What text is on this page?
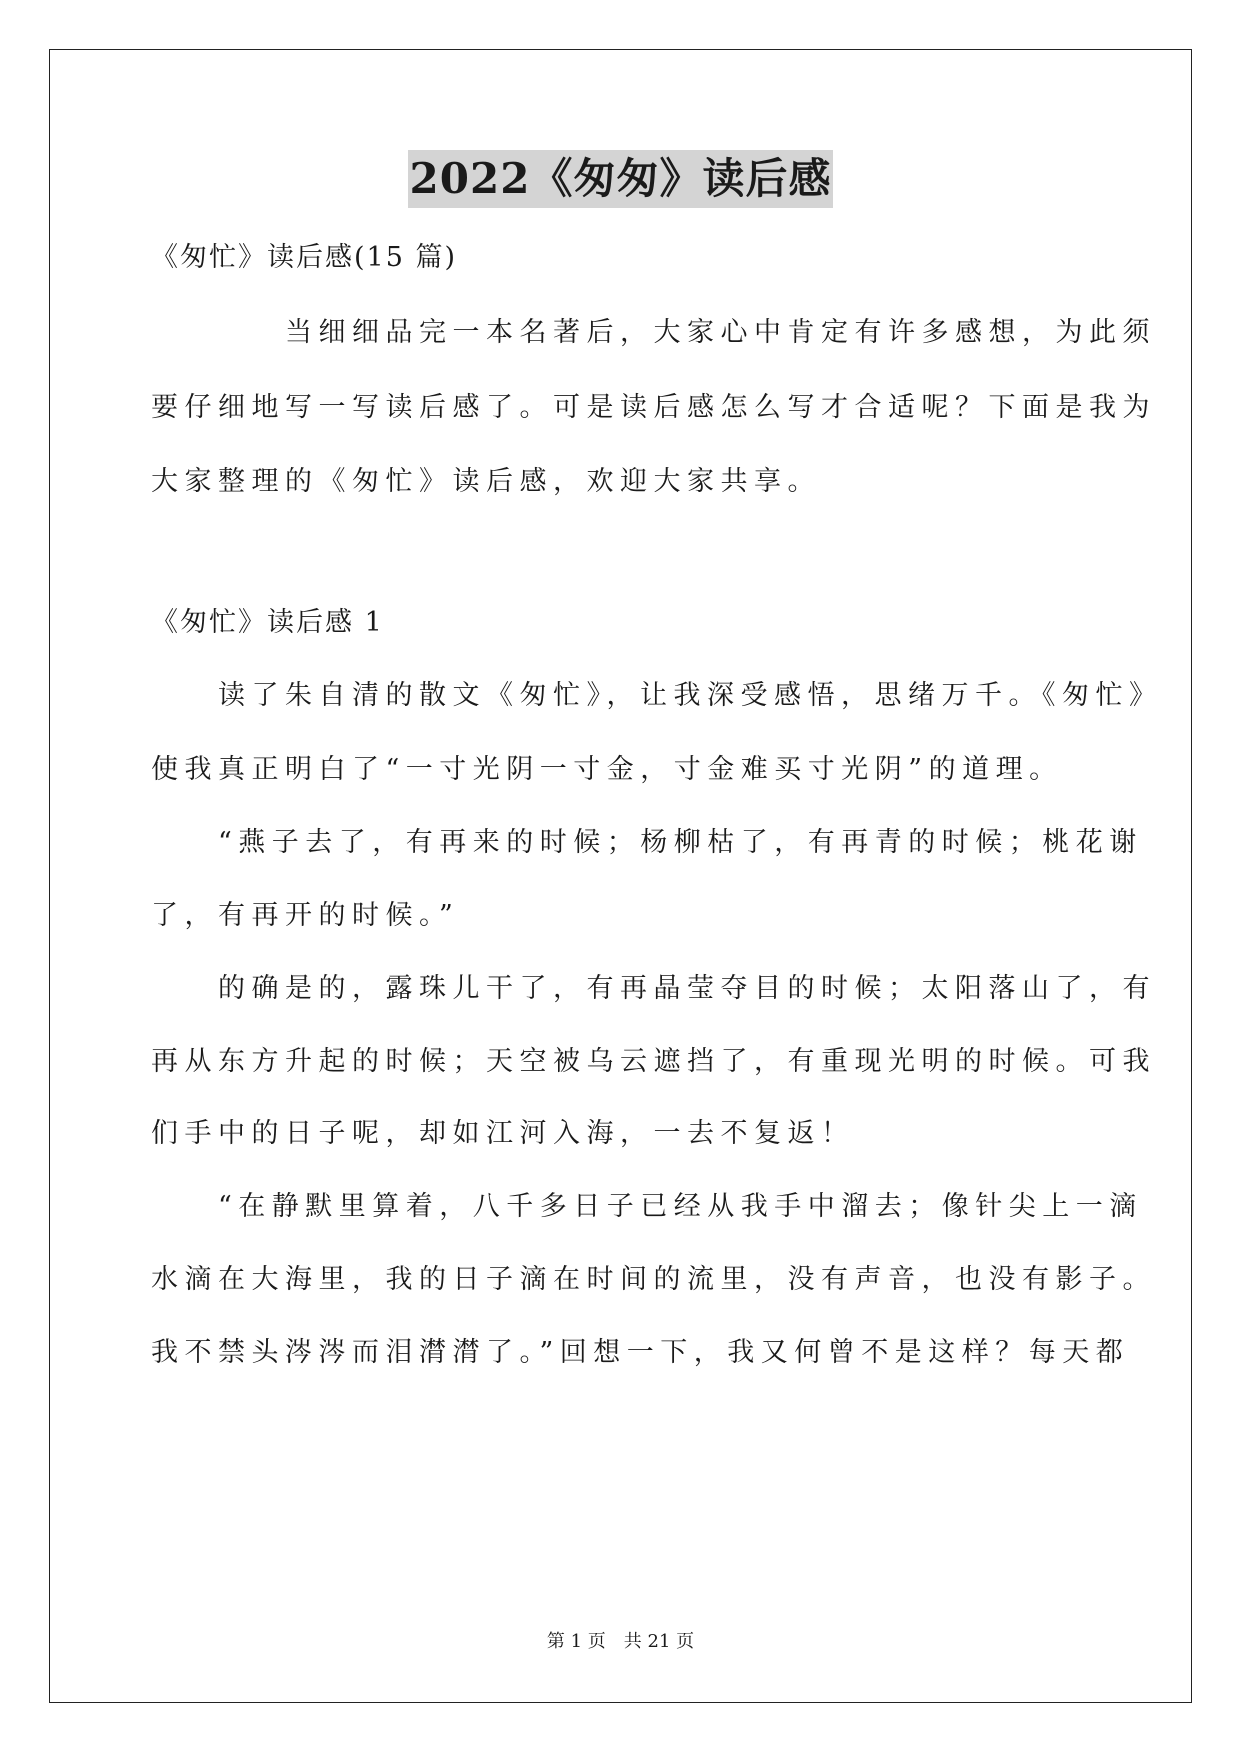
2022《匆匆》读后感

《匆忙》读后感(15 篇)

　　　　当细细品完一本名著后，大家心中肯定有许多感想，为此须

要仔细地写一写读后感了。可是读后感怎么写才合适呢？下面是我为

大家整理的《匆忙》读后感，欢迎大家共享。

《匆忙》读后感 1

　　读了朱自清的散文《匆忙》，让我深受感悟，思绪万千。《匆忙》

使我真正明白了“一寸光阴一寸金，寸金难买寸光阴”的道理。

　　“燕子去了，有再来的时候；杨柳枯了，有再青的时候；桃花谢

了，有再开的时候。”

　　的确是的，露珠儿干了，有再晶莹夺目的时候；太阳落山了，有

再从东方升起的时候；天空被乌云遮挡了，有重现光明的时候。可我

们手中的日子呢，却如江河入海，一去不复返！

　　“在静默里算着，八千多日子已经从我手中溜去；像针尖上一滴

水滴在大海里，我的日子滴在时间的流里，没有声音，也没有影子。

我不禁头涔涔而泪潸潸了。”回想一下，我又何曾不是这样？每天都

第 1 页　共 21 页
